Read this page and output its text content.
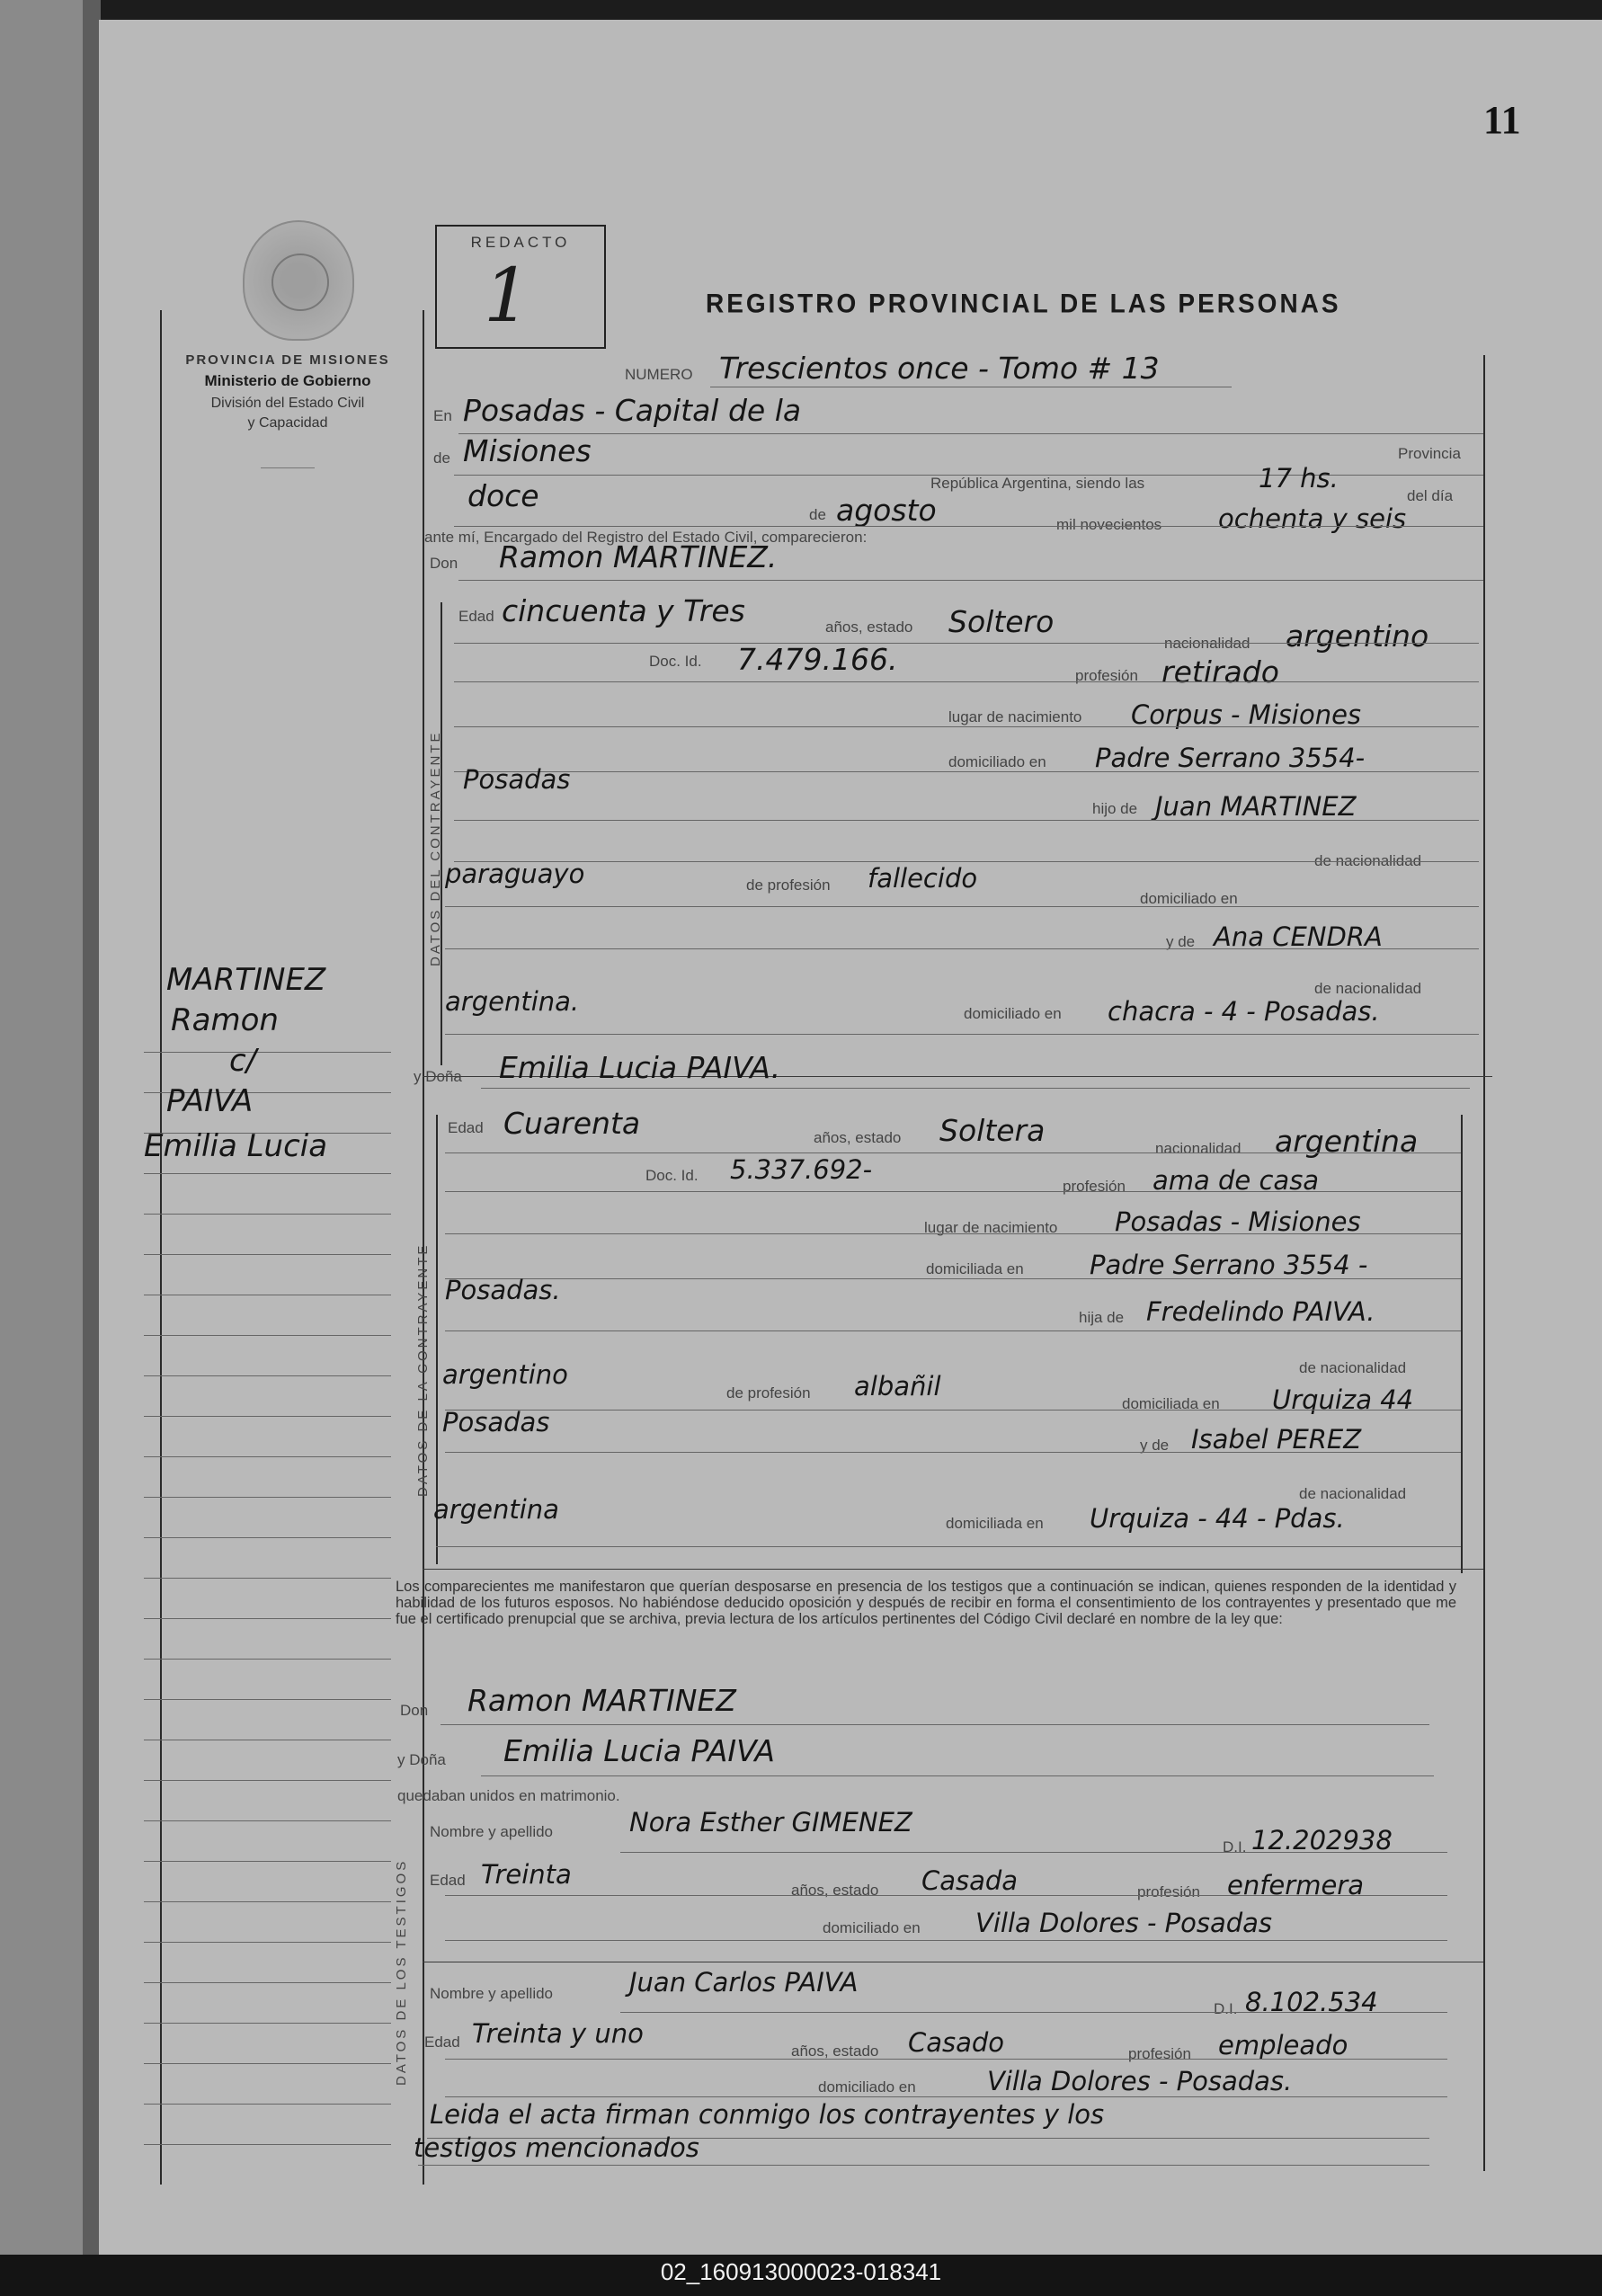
11
PROVINCIA DE MISIONES
Ministerio de Gobierno
División del Estado Civil
y Capacidad
REDACTO
1	REGISTRO PROVINCIAL DE LAS PERSONAS
MARTINEZ
Ramon
c/
PAIVA
Emilia Lucia
DATOS DEL CONTRAYENTE
DATOS DE LA CONTRAYENTE
DATOS DE LOS TESTIGOS
NUMERO Trescientos once - Tomo # 13
En Posadas - Capital de la
Provincia
de Misiones
República Argentina, siendo las	17 hs.
del día
doce
de agosto	mil novecientos ochenta y seis
ante mí, Encargado del Registro del Estado Civil, comparecieron:
Don Ramon MARTINEZ.
Edad cincuenta y Tres	años, estado Soltero
nacionalidad argentino
Doc. Id. 7.479.166.	profesión retirado
lugar de nacimiento Corpus - Misiones
domiciliado en Padre Serrano 3554-
Posadas
hijo de Juan MARTINEZ
de nacionalidad
paraguayo	de profesión fallecido
domiciliado en
y de Ana CENDRA
de nacionalidad
argentina.	domiciliado en chacra - 4 - Posadas.
y Doña Emilia Lucia PAIVA.
Edad Cuarenta	años, estado Soltera
nacionalidad argentina
Doc. Id. 5.337.692-
profesión ama de casa
lugar de nacimiento Posadas - Misiones
domiciliada en	Padre Serrano 3554 -
Posadas.
hija de Fredelindo PAIVA.
de nacionalidad
argentino
de profesión albañil
domiciliada en Urquiza 44
Posadas
y de Isabel PEREZ
de nacionalidad
argentina	domiciliada en Urquiza - 44 - Pdas.
Los comparecientes me manifestaron que querían desposarse en presencia de los testigos que a continuación se indican, quienes responden de la identidad y habilidad de los futuros esposos. No habiéndose deducido oposición y después de recibir en forma el consentimiento de los contrayentes y presentado que me fue el certificado prenupcial que se archiva, previa lectura de los artículos pertinentes del Código Civil declaré en nombre de la ley que:
Don Ramon MARTINEZ
y Doña Emilia Lucia PAIVA
quedaban unidos en matrimonio.
Nombre y apellido	Nora Esther GIMENEZ
D.I. 12.202938
Edad Treinta
años, estado Casada	profesión enfermera
domiciliado en Villa Dolores - Posadas
Nombre y apellido	Juan Carlos PAIVA
D.I. 8.102.534
Edad Treinta y uno
años, estado Casado	profesión empleado
domiciliado en	Villa Dolores - Posadas.
Leida el acta firman conmigo los contrayentes y los
testigos mencionados
02_160913000023-018341
